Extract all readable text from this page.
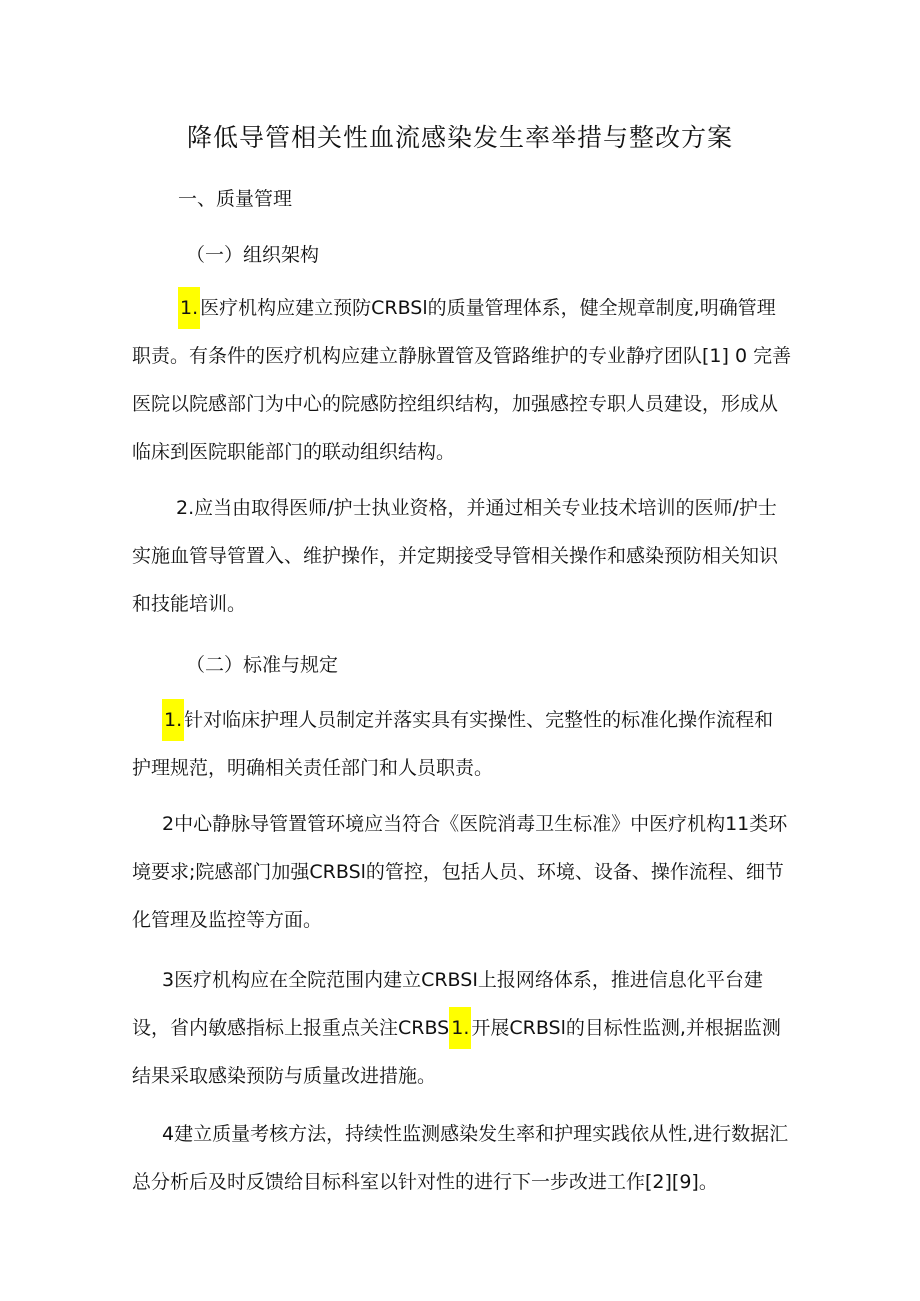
降低导管相关性血流感染发生率举措与整改方案
一、质量管理
（一）组织架构
1. 医疗机构应建立预防CRBSl的质量管理体系，健全规章制度,明确管理职责。有条件的医疗机构应建立静脉置管及管路维护的专业静疗团队[1] 0 完善医院以院感部门为中心的院感防控组织结构，加强感控专职人员建设，形成从临床到医院职能部门的联动组织结构。
2.应当由取得医师/护士执业资格，并通过相关专业技术培训的医师/护士实施血管导管置入、维护操作，并定期接受导管相关操作和感染预防相关知识和技能培训。
（二）标准与规定
1. 针对临床护理人员制定并落实具有实操性、完整性的标准化操作流程和护理规范，明确相关责任部门和人员职责。
2中心静脉导管置管环境应当符合《医院消毒卫生标准》中医疗机构11类环境要求;院感部门加强CRBSl的管控，包括人员、环境、设备、操作流程、细节化管理及监控等方面。
3医疗机构应在全院范围内建立CRBSI上报网络体系，推进信息化平台建设，省内敏感指标上报重点关注CRBS 1. 开展CRBSl的目标性监测,并根据监测结果采取感染预防与质量改进措施。
4建立质量考核方法，持续性监测感染发生率和护理实践依从性,进行数据汇总分析后及时反馈给目标科室以针对性的进行下一步改进工作[2][9]。
